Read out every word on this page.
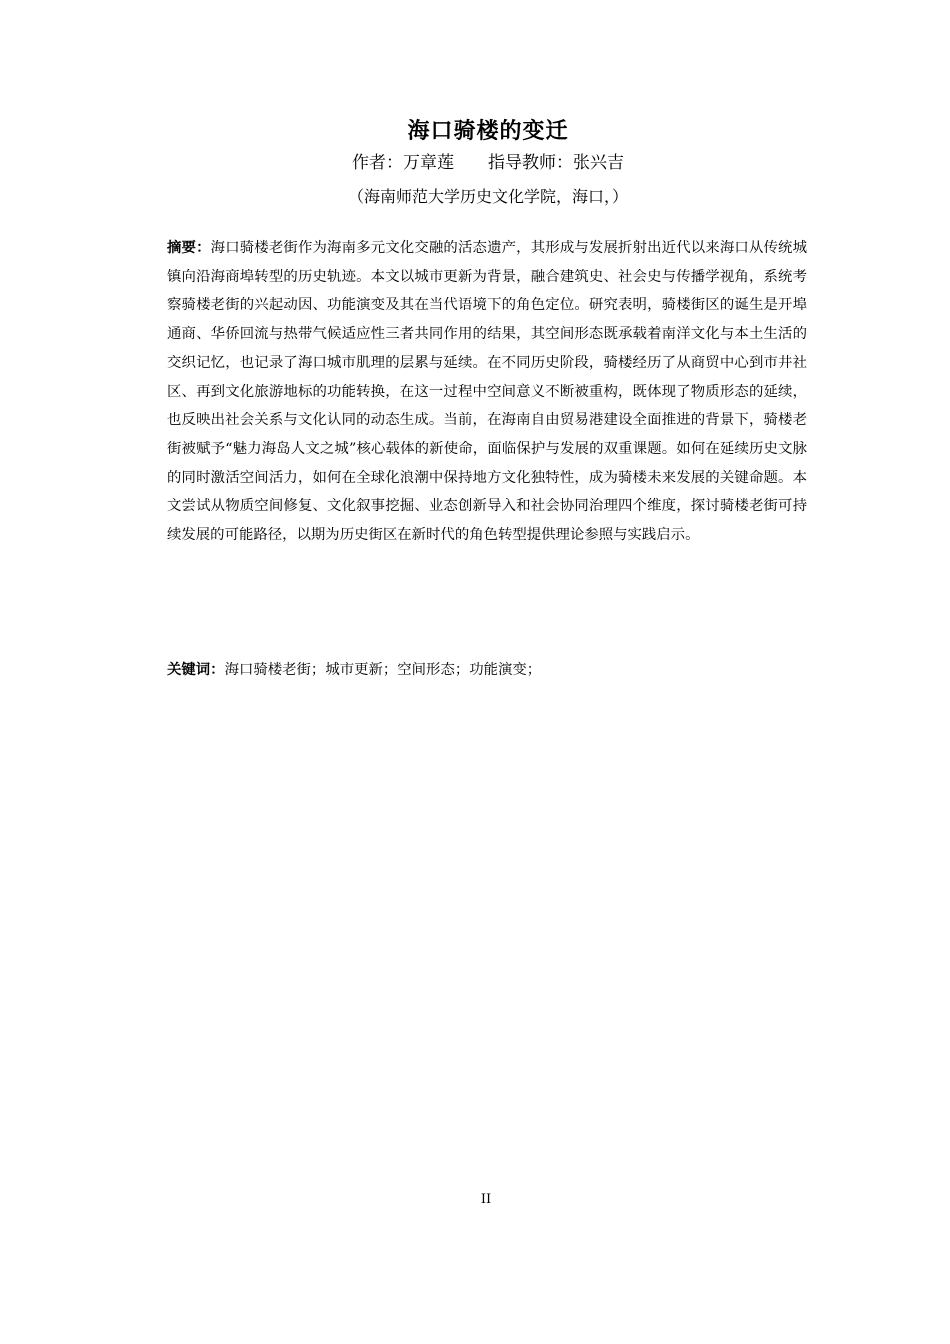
海口骑楼的变迁
作者：万章莲　　指导教师：张兴吉
（海南师范大学历史文化学院，海口，）
摘要：海口骑楼老街作为海南多元文化交融的活态遗产，其形成与发展折射出近代以来海口从传统城镇向沿海商埠转型的历史轨迹。本文以城市更新为背景，融合建筑史、社会史与传播学视角，系统考察骑楼老街的兴起动因、功能演变及其在当代语境下的角色定位。研究表明，骑楼街区的诞生是开埠通商、华侨回流与热带气候适应性三者共同作用的结果，其空间形态既承载着南洋文化与本土生活的交织记忆，也记录了海口城市肌理的层累与延续。在不同历史阶段，骑楼经历了从商贸中心到市井社区、再到文化旅游地标的功能转换，在这一过程中空间意义不断被重构，既体现了物质形态的延续，也反映出社会关系与文化认同的动态生成。当前，在海南自由贸易港建设全面推进的背景下，骑楼老街被赋予“魅力海岛人文之城”核心载体的新使命，面临保护与发展的双重课题。如何在延续历史文脉的同时激活空间活力，如何在全球化浪潮中保持地方文化独特性，成为骑楼未来发展的关键命题。本文尝试从物质空间修复、文化叙事挖掘、业态创新导入和社会协同治理四个维度，探讨骑楼老街可持续发展的可能路径，以期为历史街区在新时代的角色转型提供理论参照与实践启示。
关键词：海口骑楼老街；城市更新；空间形态；功能演变；
II
